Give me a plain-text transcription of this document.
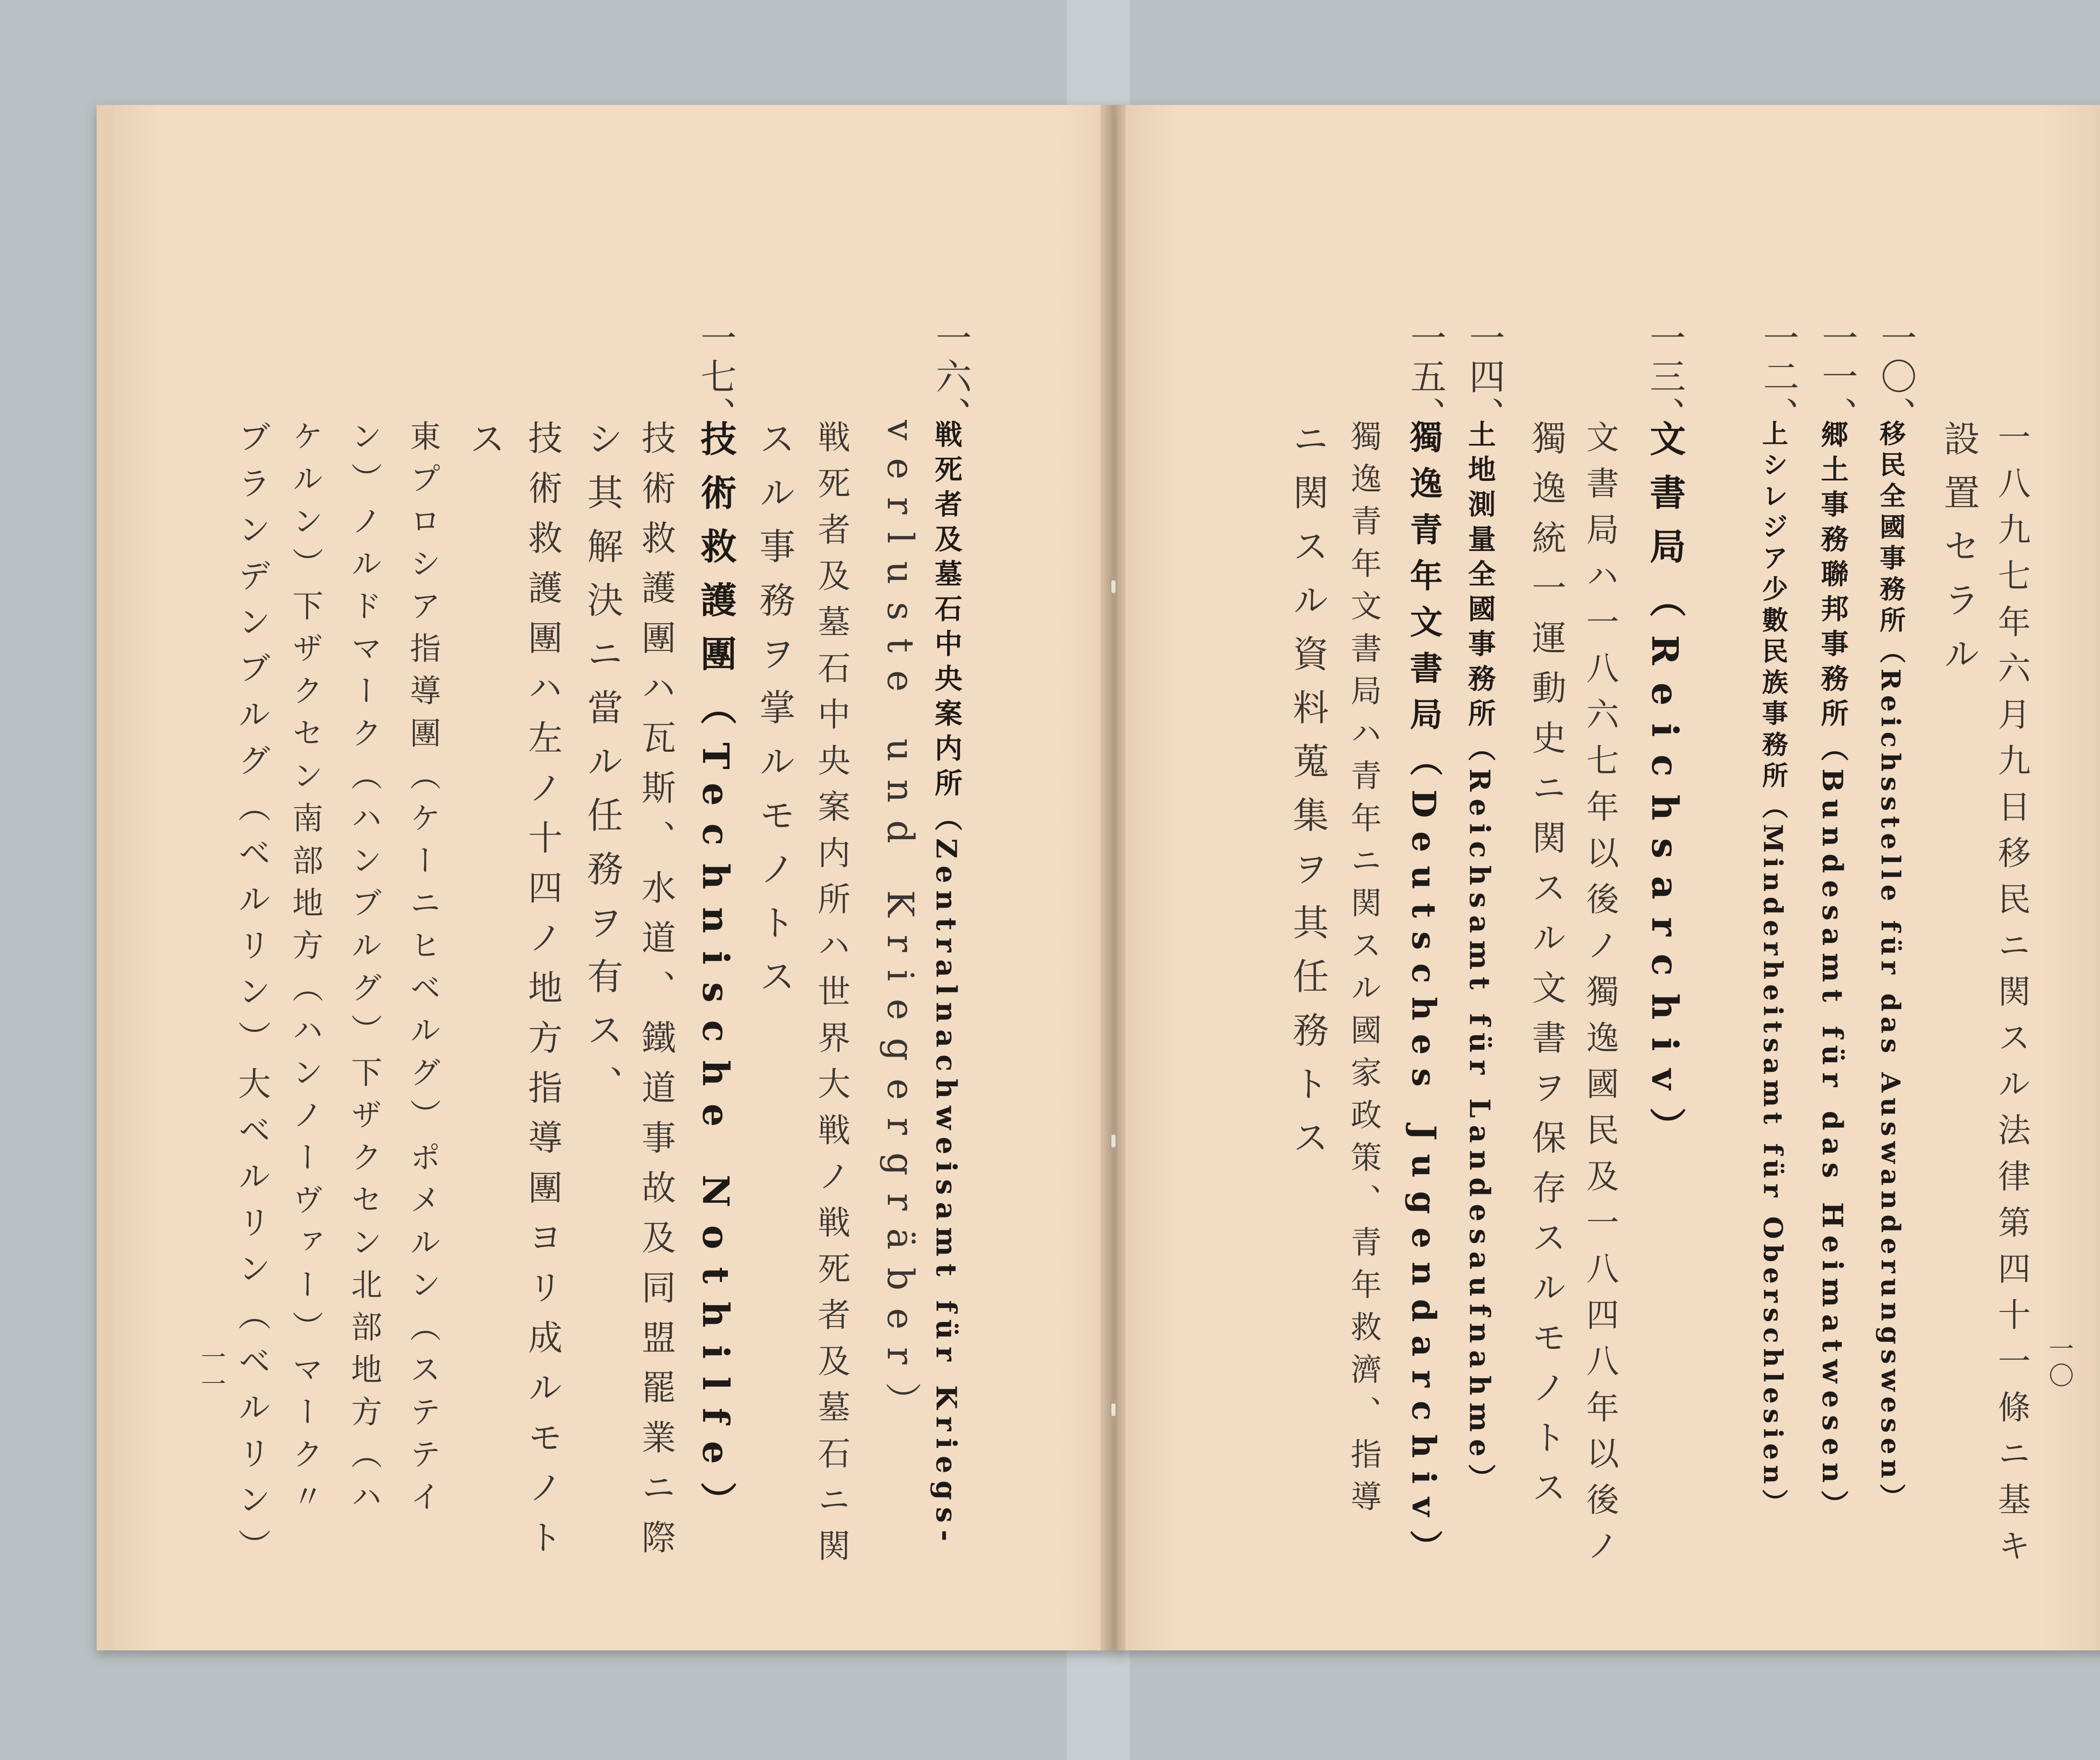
一六、
戦死者及墓石中央案内所（Zentralnachweisamt für Kriegs-
verluste und Kriegergräber）
戦死者及墓石中央案内所ハ世界大戦ノ戦死者及墓石ニ関
スル事務ヲ掌ルモノトス
一七、
技術救護團（Technische Nothilfe）
技術救護團ハ瓦斯、水道、鐵道事故及同盟罷業ニ際
シ其解決ニ當ル任務ヲ有ス、
技術救護團ハ左ノ十四ノ地方指導團ヨリ成ルモノト
ス
東プロシア指導團（ケーニヒベルグ）ポメルン（ステテイ
ン）ノルドマーク（ハンブルグ）下ザクセン北部地方（ハ
ケルン）下ザクセン南部地方（ハンノーヴァー）マーク〃
ブランデンブルグ（ベルリン）大ベルリン（ベルリン）
一一	一八九七年六月九日移民ニ関スル法律第四十一條ニ基キ
設置セラル
一〇、
移民全國事務所（Reichsstelle für das Auswanderungswesen）
一一、
郷土事務聯邦事務所（Bundesamt für das Heimatwesen）
一二、
上シレジア少數民族事務所（Minderheitsamt für Oberschlesien）
一三、
文書局（Reichsarchiv）
文書局ハ一八六七年以後ノ獨逸國民及一八四八年以後ノ
獨逸統一運動史ニ関スル文書ヲ保存スルモノトス
一四、
土地測量全國事務所（Reichsamt für Landesaufnahme）
一五、
獨逸青年文書局（Deutsches Jugendarchiv）
獨逸青年文書局ハ青年ニ関スル國家政策、青年救濟、指導
ニ関スル資料蒐集ヲ其任務トス
一〇
